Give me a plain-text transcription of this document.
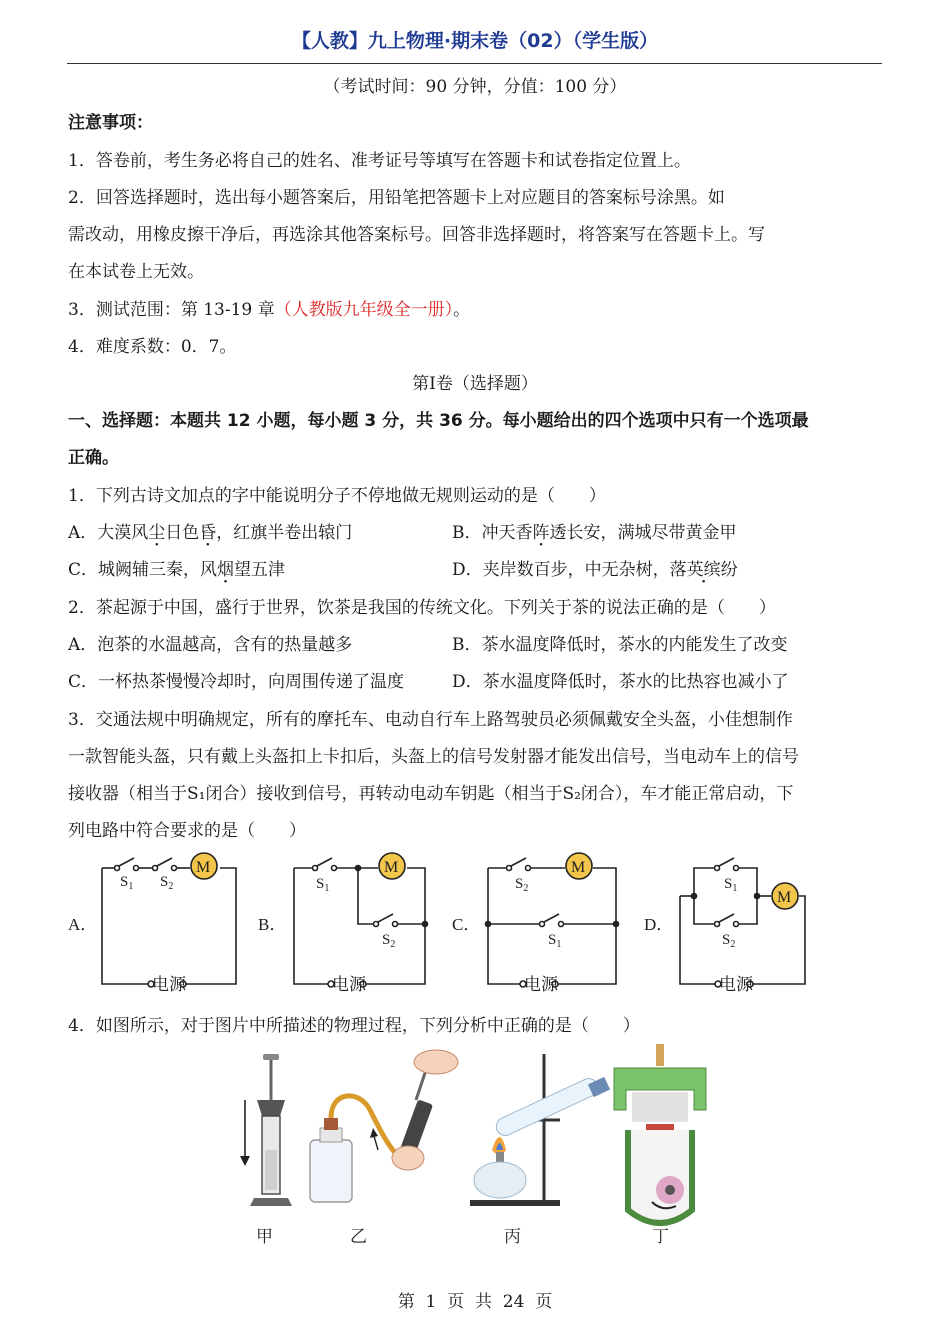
【人教】九上物理·期末卷（02）（学生版）
（考试时间：90 分钟，分值：100 分）
注意事项：
1．答卷前，考生务必将自己的姓名、准考证号等填写在答题卡和试卷指定位置上。
2．回答选择题时，选出每小题答案后，用铅笔把答题卡上对应题目的答案标号涂黑。如
需改动，用橡皮擦干净后，再选涂其他答案标号。回答非选择题时，将答案写在答题卡上。写
在本试卷上无效。
3．测试范围：第 13-19 章（人教版九年级全一册）。
4．难度系数：0．7。
第Ⅰ卷（选择题）
一、选择题：本题共 12 小题，每小题 3 分，共 36 分。每小题给出的四个选项中只有一个选项最
正确。
1．下列古诗文加点的字中能说明分子不停地做无规则运动的是（　　）
A．大漠风尘日色昏，红旗半卷出辕门	B．冲天香阵透长安，满城尽带黄金甲
C．城阙辅三秦，风烟望五津	D．夹岸数百步，中无杂树，落英缤纷
2．茶起源于中国，盛行于世界，饮茶是我国的传统文化。下列关于茶的说法正确的是（　　）
A．泡茶的水温越高，含有的热量越多	B．茶水温度降低时，茶水的内能发生了改变
C．一杯热茶慢慢冷却时，向周围传递了温度	D．茶水温度降低时，茶水的比热容也减小了
3．交通法规中明确规定，所有的摩托车、电动自行车上路驾驶员必须佩戴安全头盔，小佳想制作
一款智能头盔，只有戴上头盔扣上卡扣后，头盔上的信号发射器才能发出信号，当电动车上的信号
接收器（相当于S₁闭合）接收到信号，再转动电动车钥匙（相当于S₂闭合），车才能正常启动，下
列电路中符合要求的是（　　）
A．
电源
M
$S_1$ $S_2$
B．
电源
M
$S_1$
$S_2$
C．
电源
M
$S_2$
$S_1$
D．
电源
M
$S_1$
$S_2$
4．如图所示，对于图片中所描述的物理过程，下列分析中正确的是（　　）
甲	乙	丙	丁
第  1  页  共  24  页
